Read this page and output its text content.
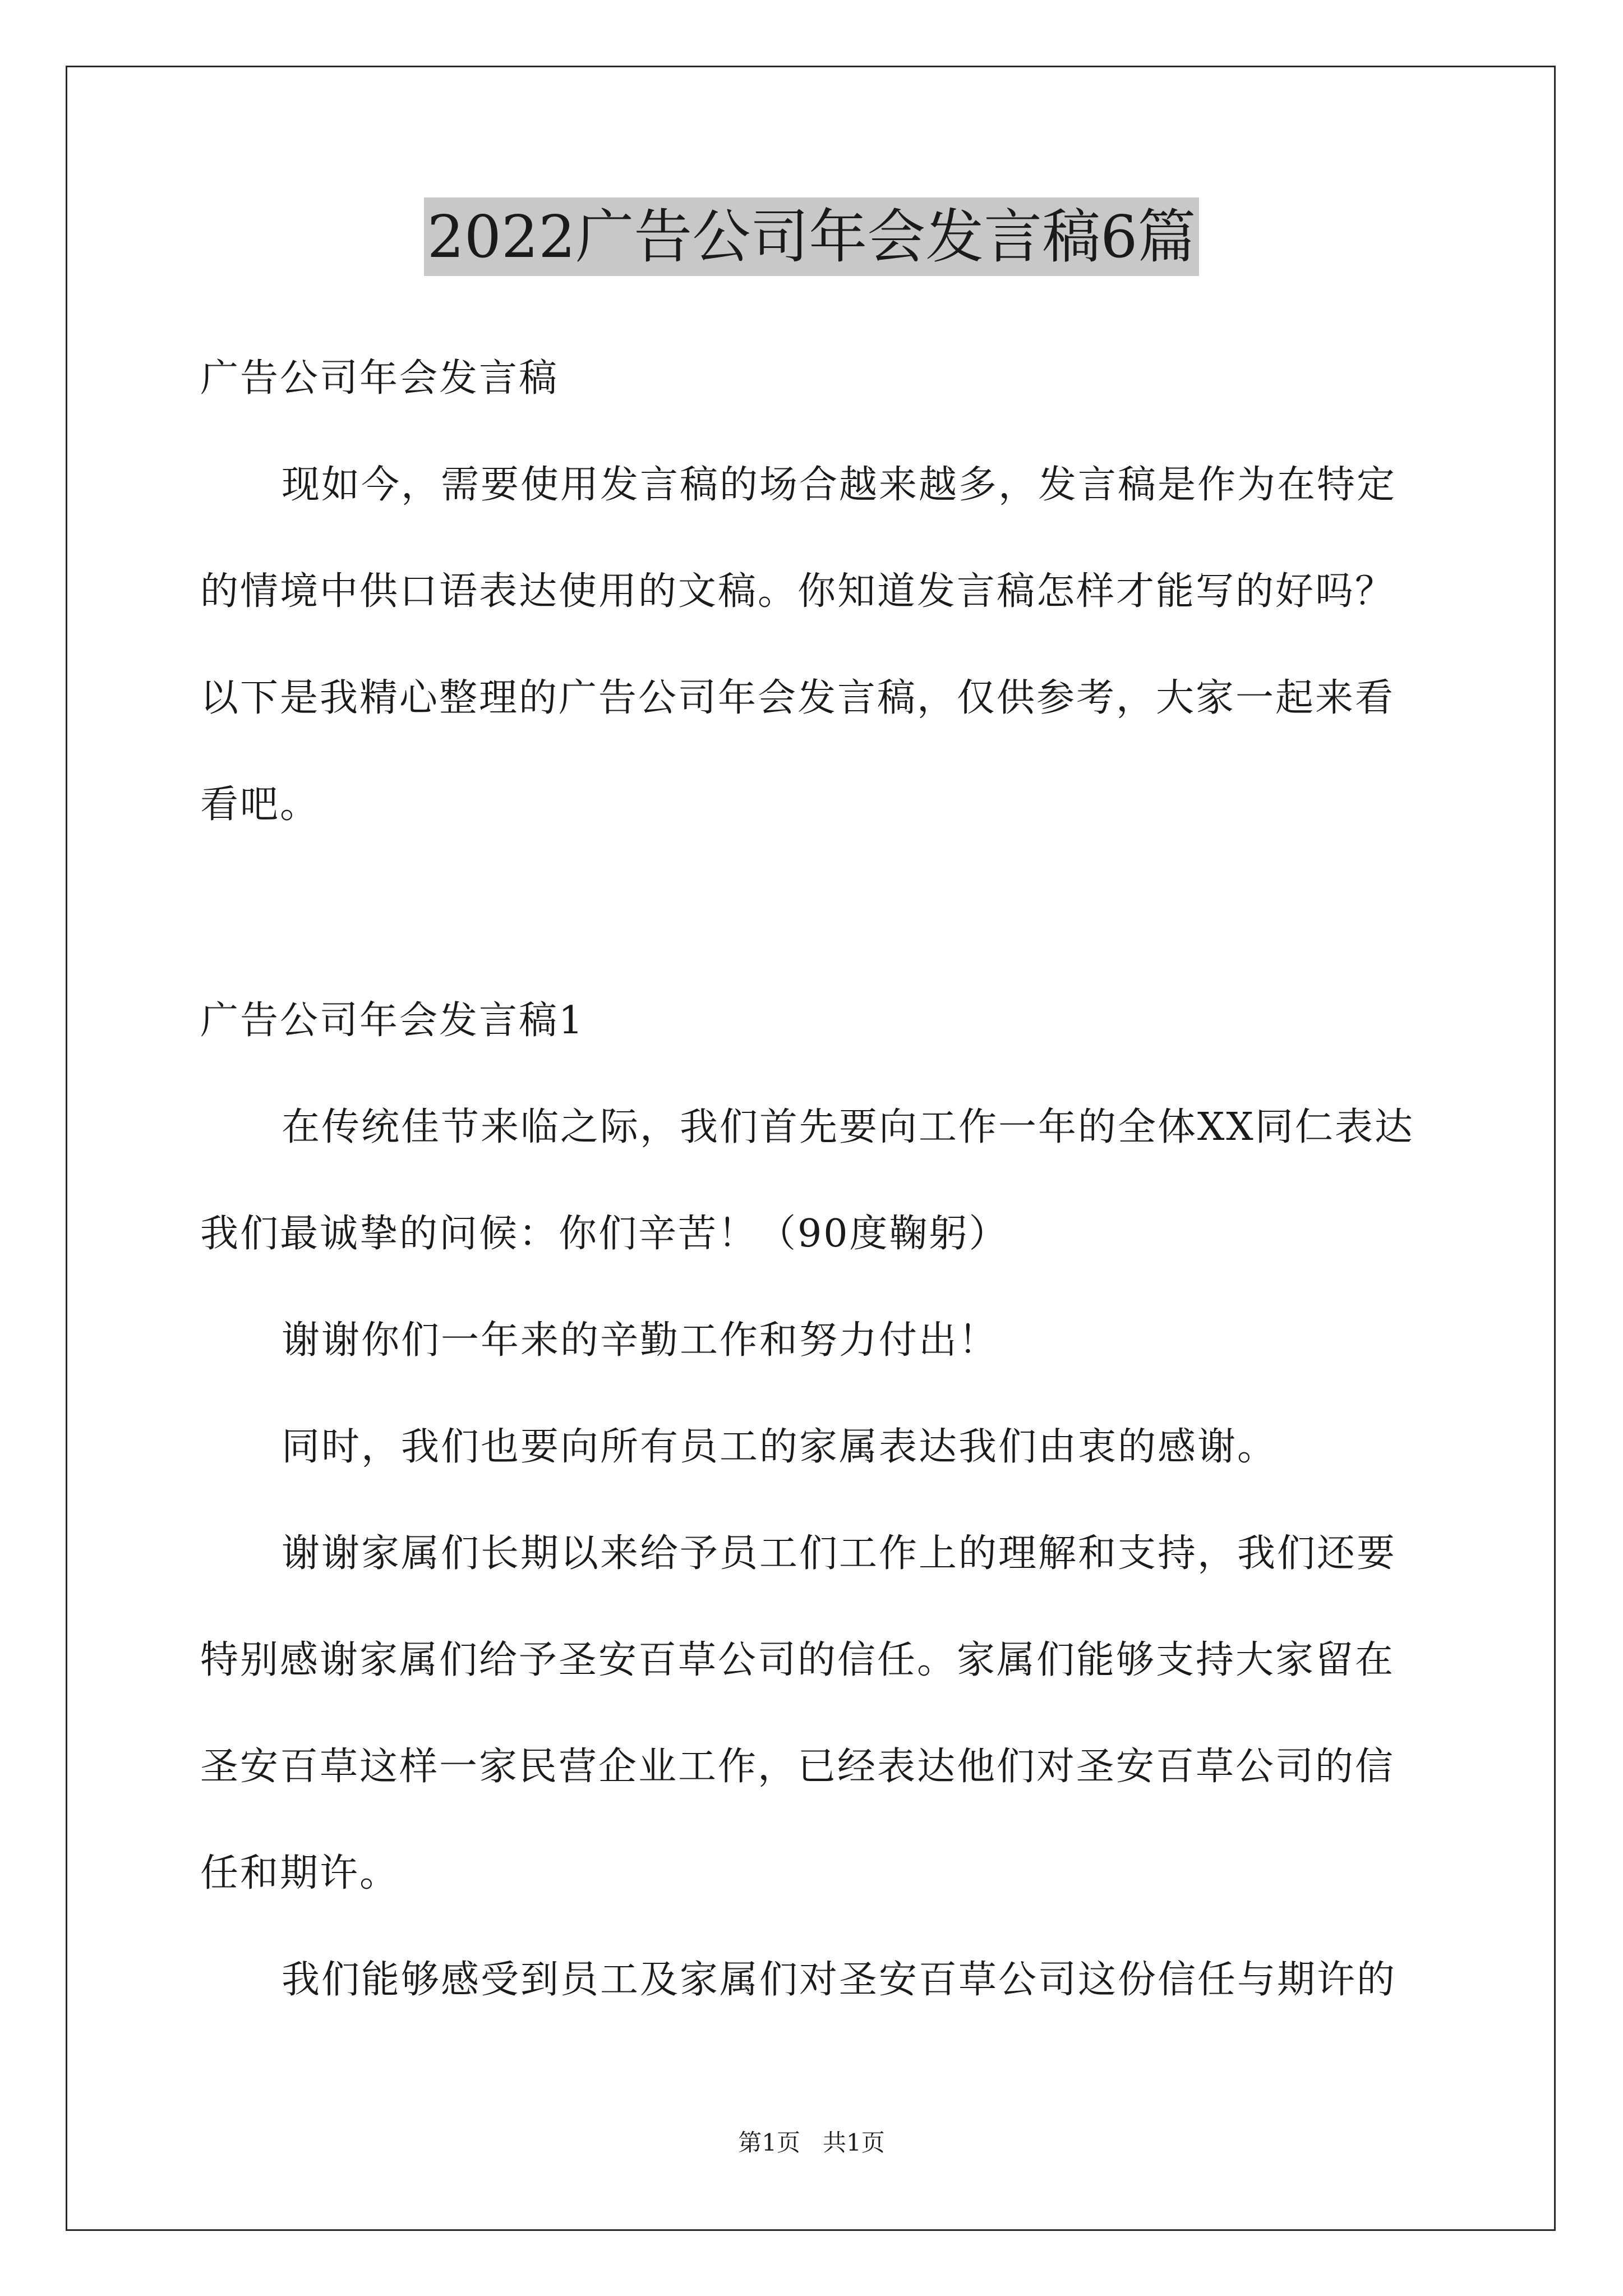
2022广告公司年会发言稿6篇
广告公司年会发言稿
现如今，需要使用发言稿的场合越来越多，发言稿是作为在特定
的情境中供口语表达使用的文稿。你知道发言稿怎样才能写的好吗？
以下是我精心整理的广告公司年会发言稿，仅供参考，大家一起来看
看吧。
广告公司年会发言稿1
在传统佳节来临之际，我们首先要向工作一年的全体XX同仁表达
我们最诚挚的问候：你们辛苦！（90度鞠躬）
谢谢你们一年来的辛勤工作和努力付出！
同时，我们也要向所有员工的家属表达我们由衷的感谢。
谢谢家属们长期以来给予员工们工作上的理解和支持，我们还要
特别感谢家属们给予圣安百草公司的信任。家属们能够支持大家留在
圣安百草这样一家民营企业工作，已经表达他们对圣安百草公司的信
任和期许。
我们能够感受到员工及家属们对圣安百草公司这份信任与期许的
第1页   共1页
